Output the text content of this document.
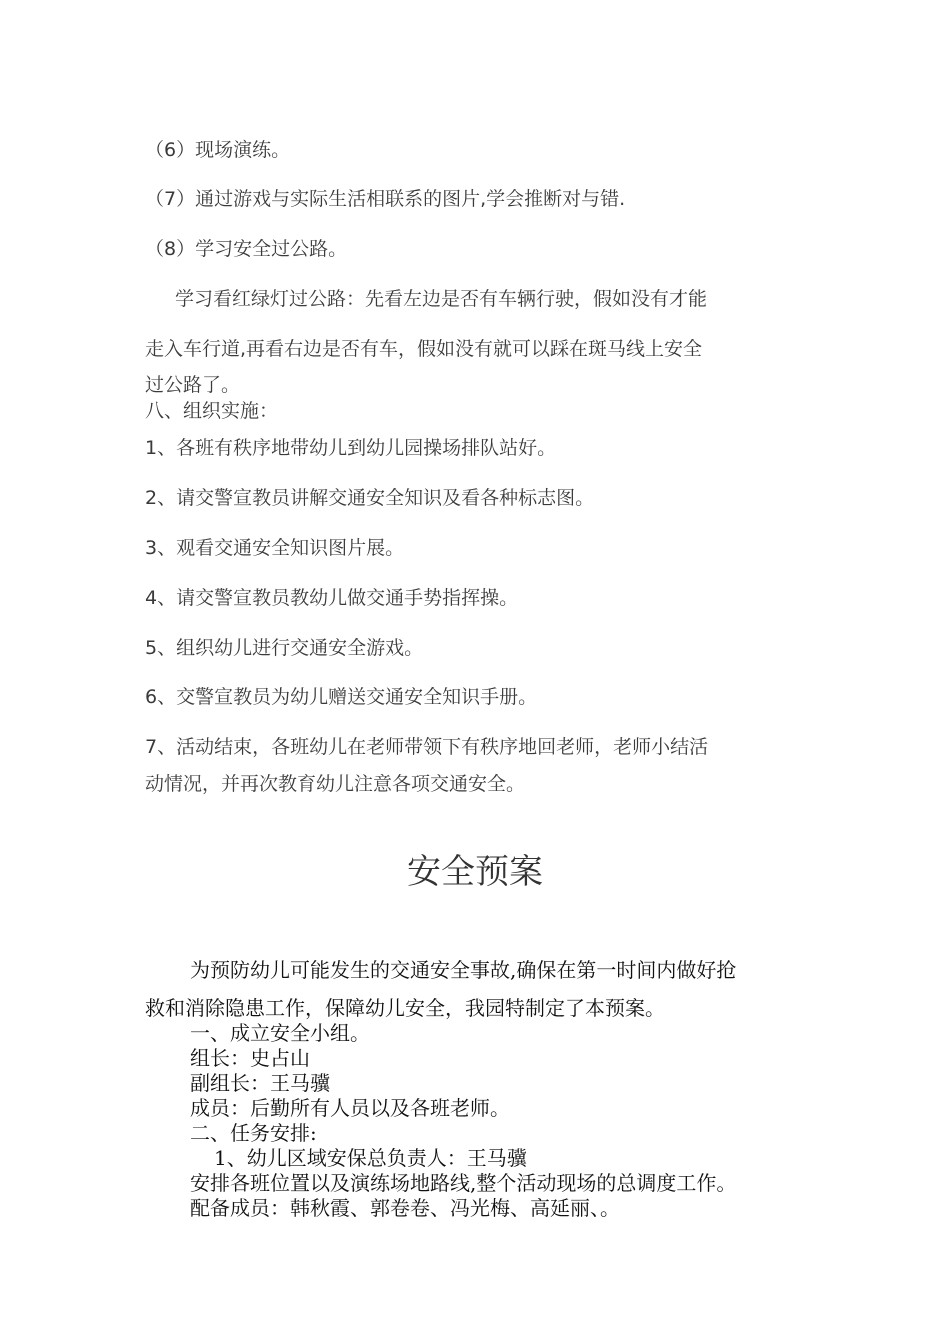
（6）现场演练。
（7）通过游戏与实际生活相联系的图片,学会推断对与错.
（8）学习安全过公路。
学习看红绿灯过公路：先看左边是否有车辆行驶，假如没有才能
走入车行道,再看右边是否有车，假如没有就可以踩在斑马线上安全
过公路了。
八、组织实施：
1、各班有秩序地带幼儿到幼儿园操场排队站好。
2、请交警宣教员讲解交通安全知识及看各种标志图。
3、观看交通安全知识图片展。
4、请交警宣教员教幼儿做交通手势指挥操。
5、组织幼儿进行交通安全游戏。
6、交警宣教员为幼儿赠送交通安全知识手册。
7、活动结束，各班幼儿在老师带领下有秩序地回老师，老师小结活
动情况，并再次教育幼儿注意各项交通安全。
安全预案
为预防幼儿可能发生的交通安全事故,确保在第一时间内做好抢
救和消除隐患工作，保障幼儿安全，我园特制定了本预案。
一、成立安全小组。
组长：史占山
副组长：王马骥
成员：后勤所有人员以及各班老师。
二、任务安排:
1、幼儿区域安保总负责人：王马骥
安排各班位置以及演练场地路线,整个活动现场的总调度工作。
配备成员：韩秋霞、郭卷卷、冯光梅、高延丽、。
